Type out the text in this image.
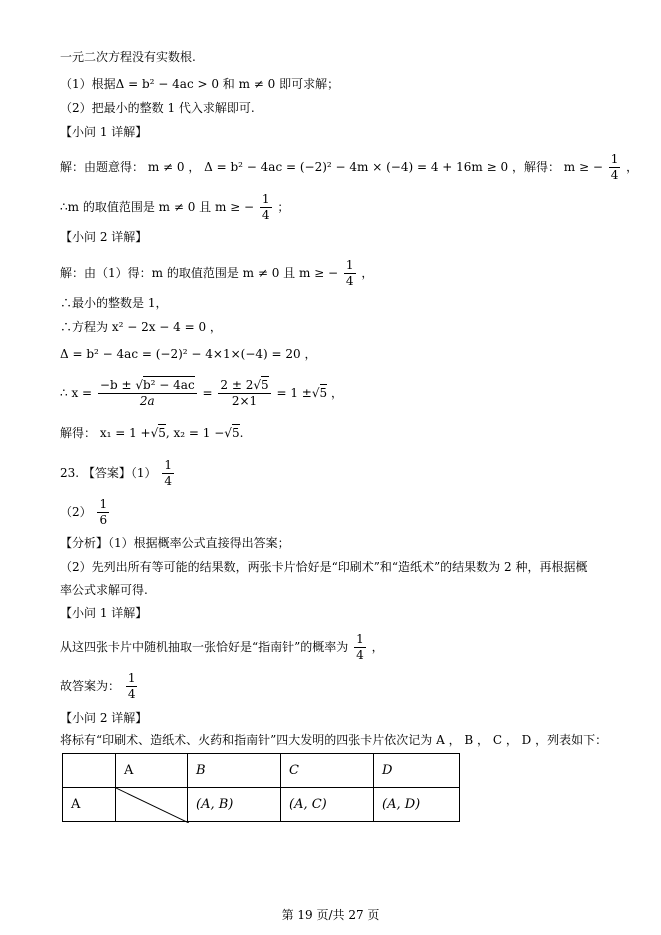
一元二次方程没有实数根.
（1）根据Δ = b² − 4ac > 0 和 m ≠ 0 即可求解；
（2）把最小的整数 1 代入求解即可.
【小问 1 详解】
解：由题意得： m ≠ 0 ， Δ = b² − 4ac = (−2)² − 4m × (−4) = 4 + 16m ≥ 0 ，解得： m ≥ − $\frac{1}{4}$ ，
∴m 的取值范围是 m ≠ 0 且 m ≥ − $\frac{1}{4}$ ；
【小问 2 详解】
解：由（1）得：m 的取值范围是 m ≠ 0 且 m ≥ − $\frac{1}{4}$ ，
∴最小的整数是 1，
∴方程为 x² − 2x − 4 = 0 ，
Δ = b² − 4ac = (−2)² − 4×1×(−4) = 20 ，
∴ $x = \frac{\text{−b ± √b² − 4ac}}{2a} = \frac{2 \pm 2√5}{2\times 1} = 1 \pm√5$ ，
解得： x₁ = 1 +√5, x₂ = 1 −√5.
23. 【答案】$(1) \frac{1}{4}$
$(2) \frac{1}{6}$
【分析】（1）根据概率公式直接得出答案；
（2）先列出所有等可能的结果数，两张卡片恰好是“印刷术”和“造纸术”的结果数为 2 种，再根据概
率公式求解可得.
【小问 1 详解】
从这四张卡片中随机抽取一张恰好是“指南针”的概率为 $\frac{1}{4}$ ，
故答案为： $\frac{1}{4}$
【小问 2 详解】
将标有“印刷术、造纸术、火药和指南针”四大发明的四张卡片依次记为 A ， B ， C ， D ，列表如下：
	A	B	C	D
A		(A, B)	(A, C)	(A, D)
第 19 页/共 27 页
